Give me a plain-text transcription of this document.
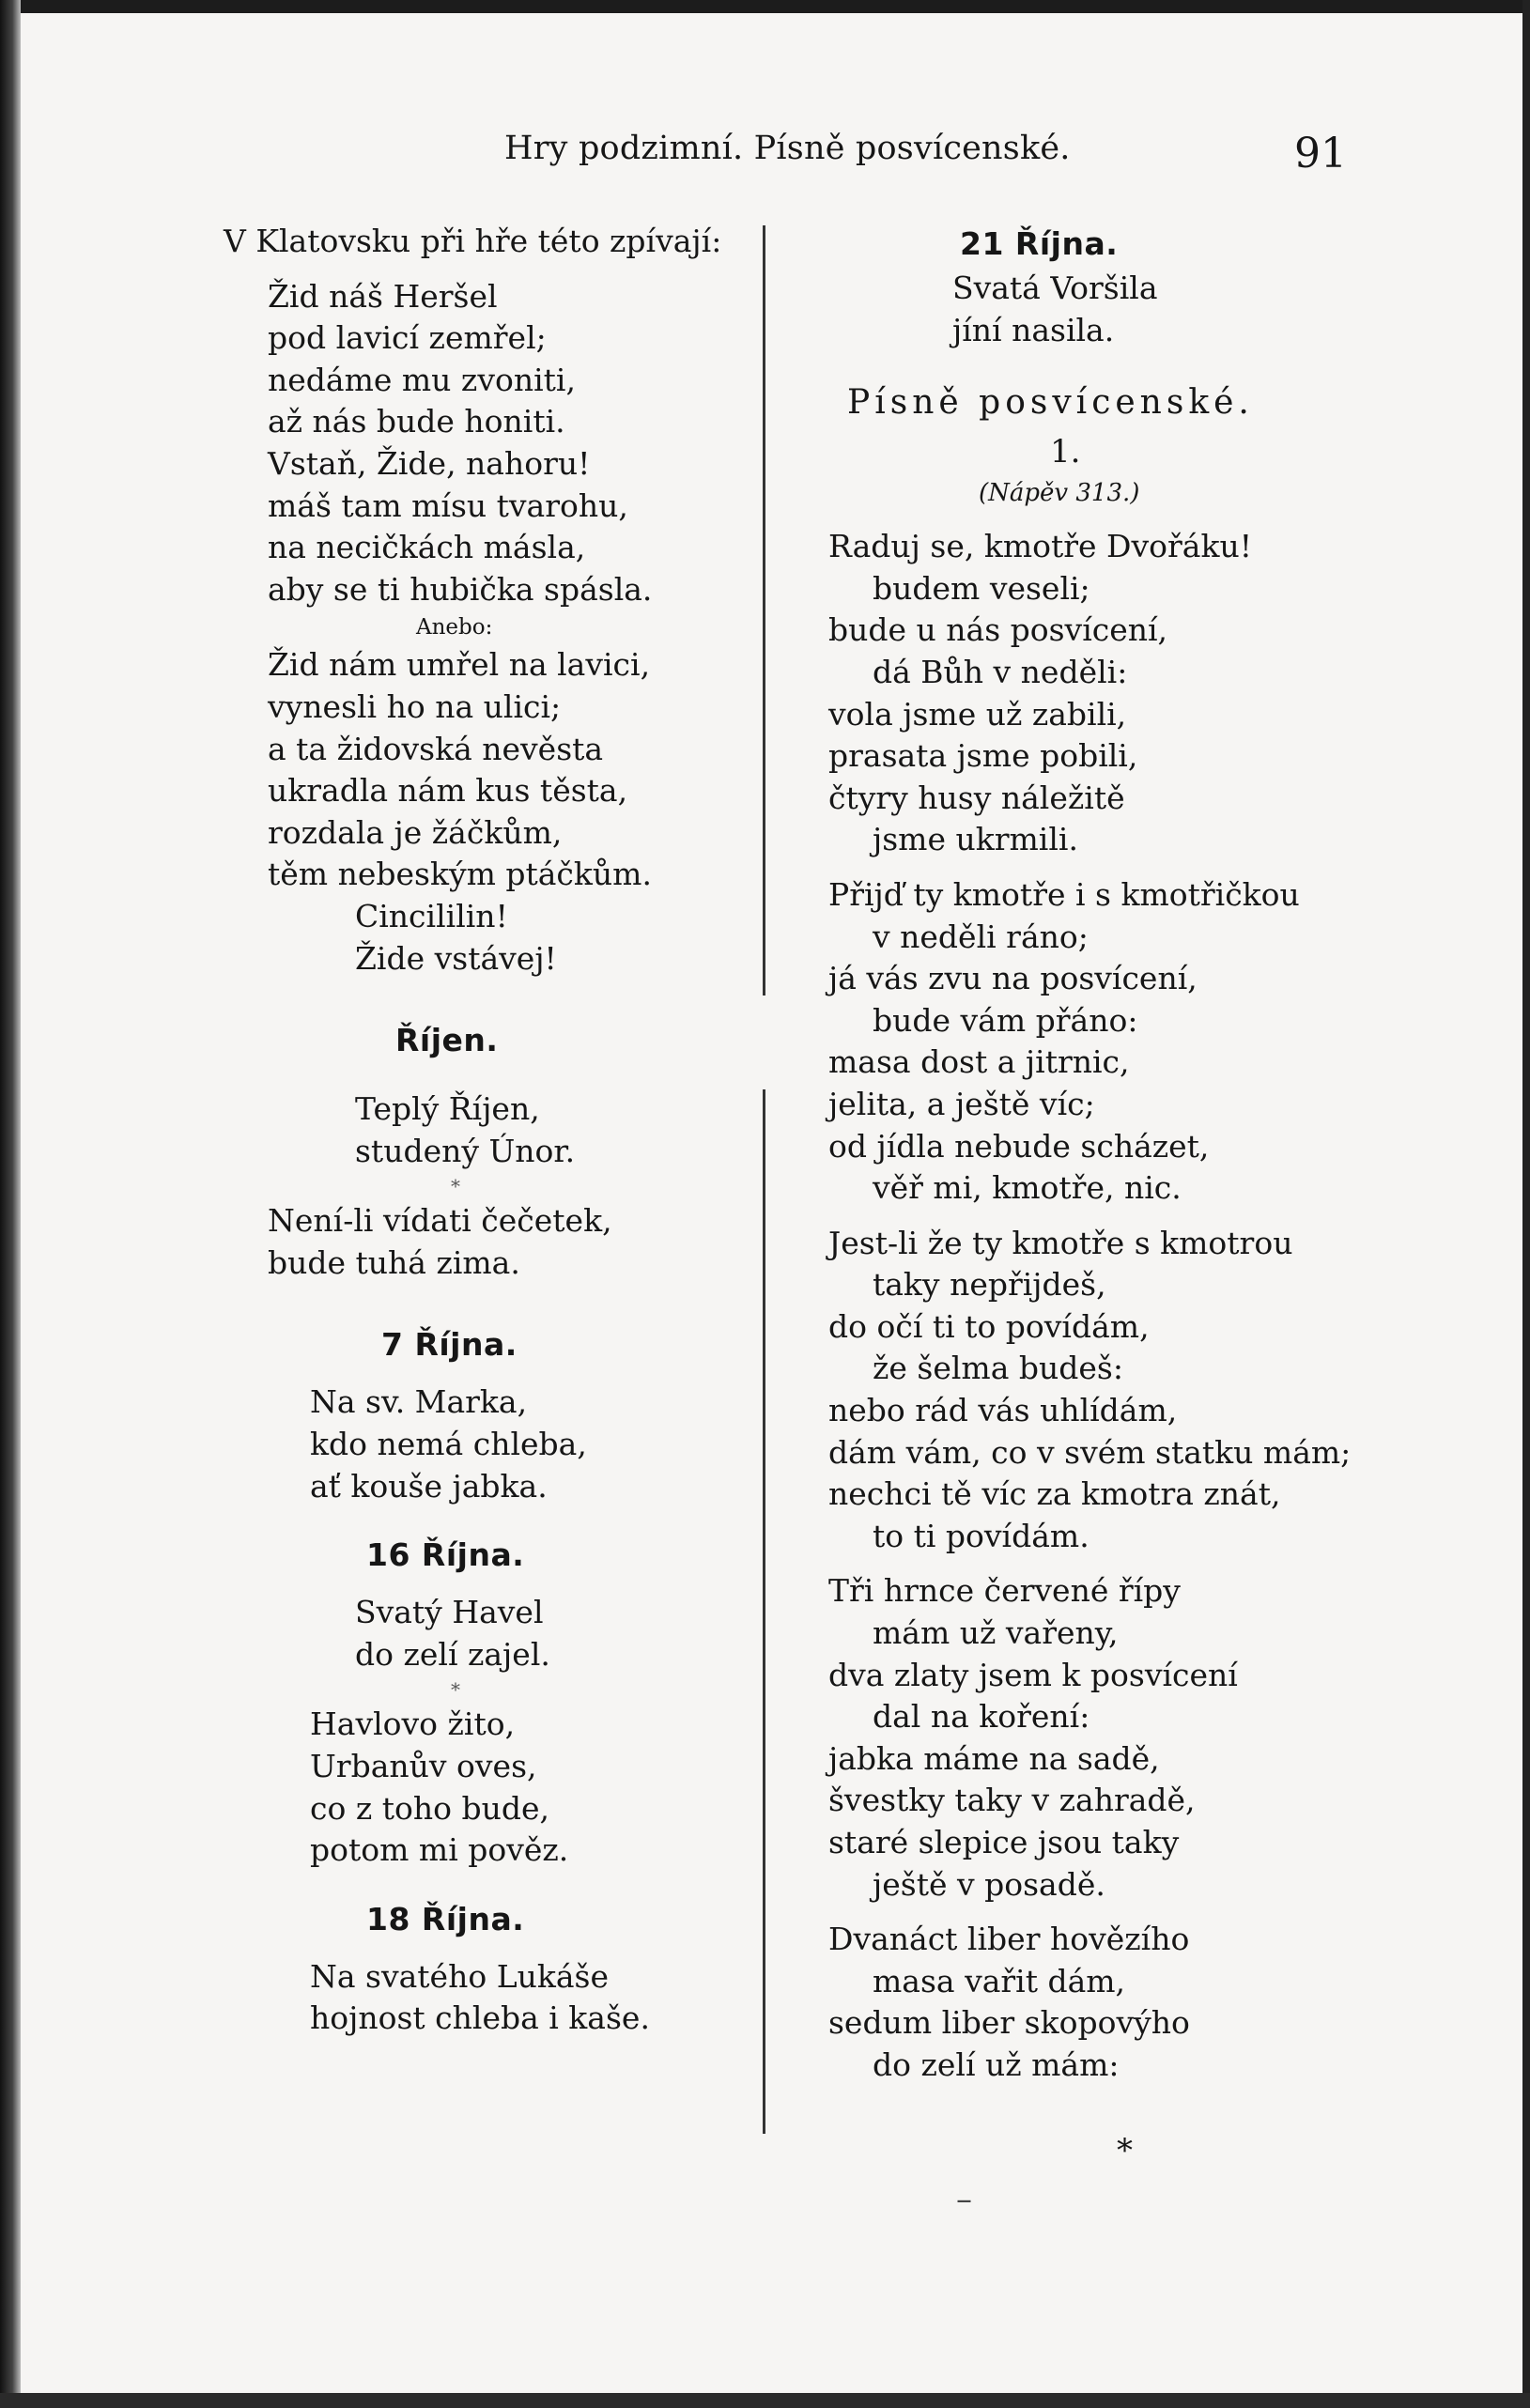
Hry podzimní. Písně posvícenské.	91
V Klatovsku při hře této zpívají:
Žid náš Heršel
pod lavicí zemřel;
nedáme mu zvoniti,
až nás bude honiti.
Vstaň, Žide, nahoru!
máš tam mísu tvarohu,
na necičkách másla,
aby se ti hubička spásla.
Anebo:
Žid nám umřel na lavici,
vynesli ho na ulici;
a ta židovská nevěsta
ukradla nám kus těsta,
rozdala je žáčkům,
těm nebeským ptáčkům.
Cincililin!
Žide vstávej!
Říjen.
Teplý Říjen,
studený Únor.
*
Není-li vídati čečetek,
bude tuhá zima.
7 Října.
Na sv. Marka,
kdo nemá chleba,
ať kouše jabka.
16 Října.
Svatý Havel
do zelí zajel.
*
Havlovo žito,
Urbanův oves,
co z toho bude,
potom mi pověz.
18 Října.
Na svatého Lukáše
hojnost chleba i kaše.
21 Října.
Svatá Voršila
jíní nasila.
Písně posvícenské.
1.
(Nápěv 313.)
Raduj se, kmotře Dvořáku!
budem veseli;
bude u nás posvícení,
dá Bůh v neděli:
vola jsme už zabili,
prasata jsme pobili,
čtyry husy náležitě
jsme ukrmili.
Přijď ty kmotře i s kmotřičkou
v neděli ráno;
já vás zvu na posvícení,
bude vám přáno:
masa dost a jitrnic,
jelita, a ještě víc;
od jídla nebude scházet,
věř mi, kmotře, nic.
Jest-li že ty kmotře s kmotrou
taky nepřijdeš,
do očí ti to povídám,
že šelma budeš:
nebo rád vás uhlídám,
dám vám, co v svém statku mám;
nechci tě víc za kmotra znát,
to ti povídám.
Tři hrnce červené řípy
mám už vařeny,
dva zlaty jsem k posvícení
dal na koření:
jabka máme na sadě,
švestky taky v zahradě,
staré slepice jsou taky
ještě v posadě.
Dvanáct liber hovězího
masa vařit dám,
sedum liber skopovýho
do zelí už mám:
*
–
